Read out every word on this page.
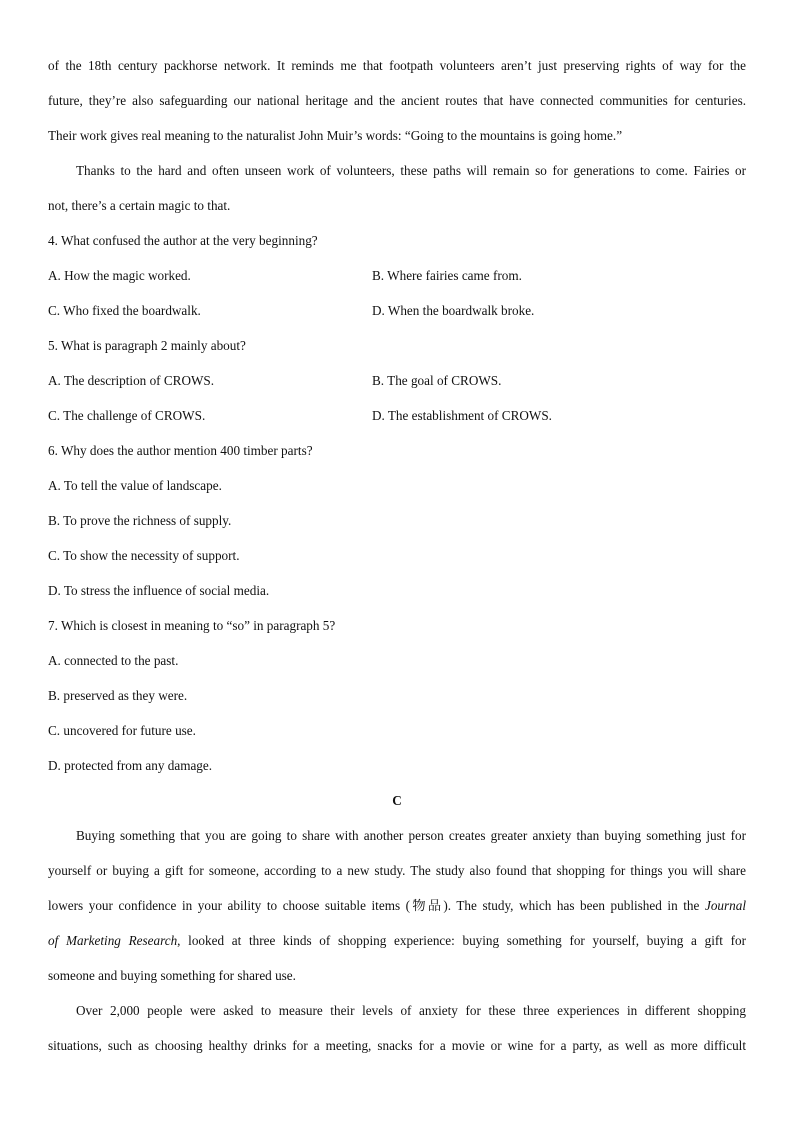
of the 18th century packhorse network. It reminds me that footpath volunteers aren’t just preserving rights of way for the
future, they’re also safeguarding our national heritage and the ancient routes that have connected communities for centuries.
Their work gives real meaning to the naturalist John Muir’s words: “Going to the mountains is going home.”
Thanks to the hard and often unseen work of volunteers, these paths will remain so for generations to come. Fairies or
not, there’s a certain magic to that.
4. What confused the author at the very beginning?
A. How the magic worked.	B. Where fairies came from.
C. Who fixed the boardwalk.	D. When the boardwalk broke.
5. What is paragraph 2 mainly about?
A. The description of CROWS.	B. The goal of CROWS.
C. The challenge of CROWS.	D. The establishment of CROWS.
6. Why does the author mention 400 timber parts?
A. To tell the value of landscape.
B. To prove the richness of supply.
C. To show the necessity of support.
D. To stress the influence of social media.
7. Which is closest in meaning to “so” in paragraph 5?
A. connected to the past.
B. preserved as they were.
C. uncovered for future use.
D. protected from any damage.
C
Buying something that you are going to share with another person creates greater anxiety than buying something just for
yourself or buying a gift for someone, according to a new study. The study also found that shopping for things you will share
lowers your confidence in your ability to choose suitable items (物品). The study, which has been published in the Journal
of Marketing Research, looked at three kinds of shopping experience: buying something for yourself, buying a gift for
someone and buying something for shared use.
Over 2,000 people were asked to measure their levels of anxiety for these three experiences in different shopping
situations, such as choosing healthy drinks for a meeting, snacks for a movie or wine for a party, as well as more difficult
